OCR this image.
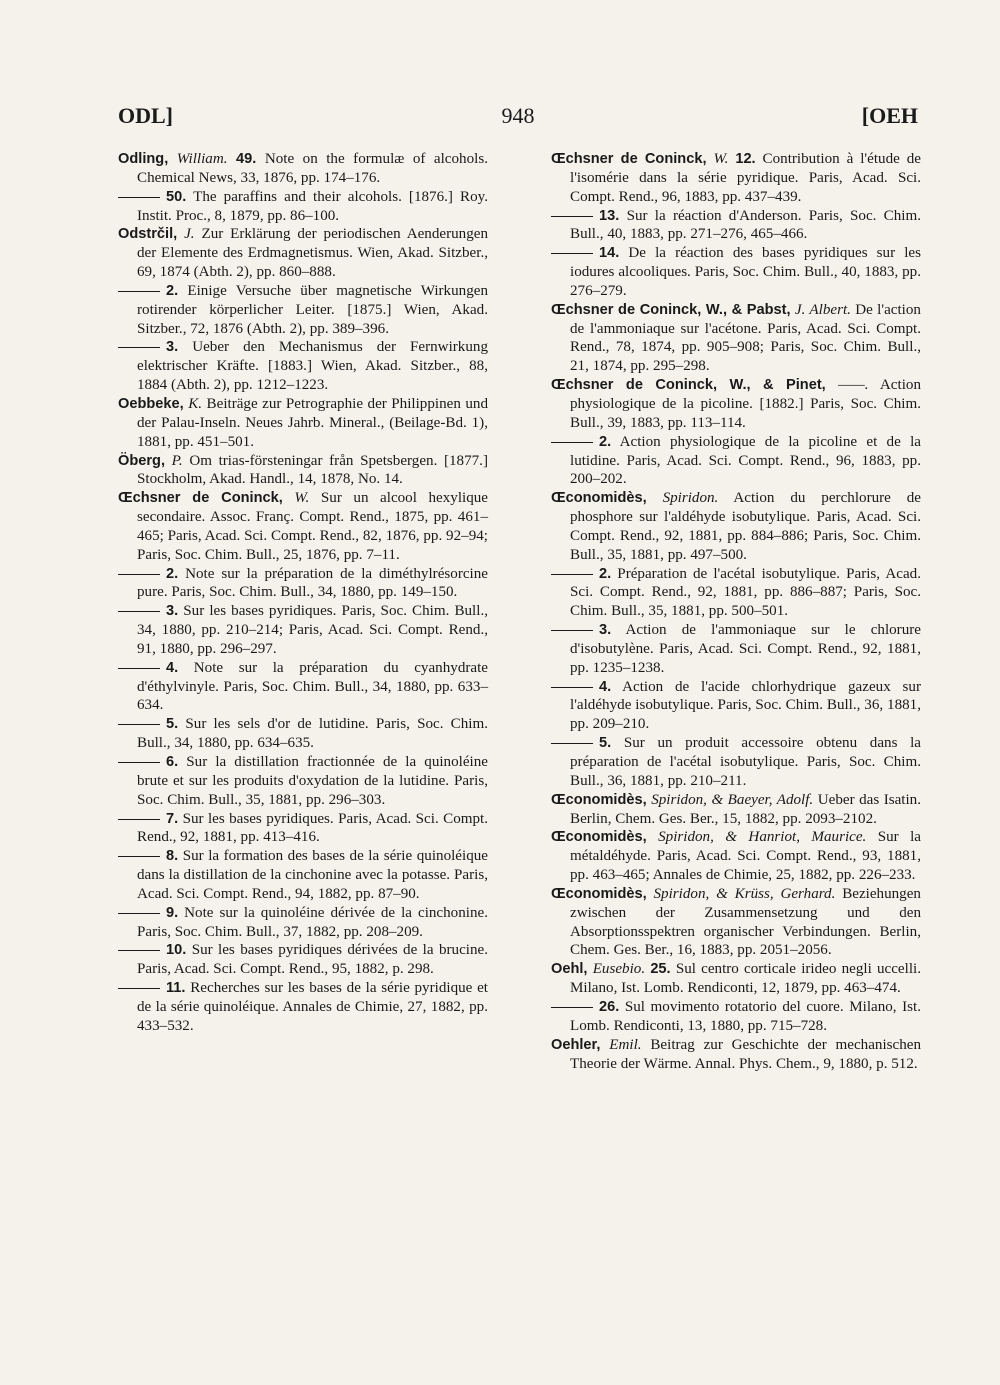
ODL]	948	[OEH
Odling, William. 49. Note on the formulæ of alcohols. Chemical News, 33, 1876, pp. 174–176.
50. The paraffins and their alcohols. [1876.] Roy. Instit. Proc., 8, 1879, pp. 86–100.
Odstrčil, J. Zur Erklärung der periodischen Aenderungen der Elemente des Erdmagnetismus. Wien, Akad. Sitzber., 69, 1874 (Abth. 2), pp. 860–888.
2. Einige Versuche über magnetische Wirkungen rotirender körperlicher Leiter. [1875.] Wien, Akad. Sitzber., 72, 1876 (Abth. 2), pp. 389–396.
3. Ueber den Mechanismus der Fernwirkung elektrischer Kräfte. [1883.] Wien, Akad. Sitzber., 88, 1884 (Abth. 2), pp. 1212–1223.
Oebbeke, K. Beiträge zur Petrographie der Philippinen und der Palau-Inseln. Neues Jahrb. Mineral., (Beilage-Bd. 1), 1881, pp. 451–501.
Öberg, P. Om trias-försteningar från Spetsbergen. [1877.] Stockholm, Akad. Handl., 14, 1878, No. 14.
Œchsner de Coninck, W. Sur un alcool hexylique secondaire. Assoc. Franç. Compt. Rend., 1875, pp. 461–465; Paris, Acad. Sci. Compt. Rend., 82, 1876, pp. 92–94; Paris, Soc. Chim. Bull., 25, 1876, pp. 7–11.
2. Note sur la préparation de la diméthylrésorcine pure. Paris, Soc. Chim. Bull., 34, 1880, pp. 149–150.
3. Sur les bases pyridiques. Paris, Soc. Chim. Bull., 34, 1880, pp. 210–214; Paris, Acad. Sci. Compt. Rend., 91, 1880, pp. 296–297.
4. Note sur la préparation du cyanhydrate d'éthylvinyle. Paris, Soc. Chim. Bull., 34, 1880, pp. 633–634.
5. Sur les sels d'or de lutidine. Paris, Soc. Chim. Bull., 34, 1880, pp. 634–635.
6. Sur la distillation fractionnée de la quinoléine brute et sur les produits d'oxydation de la lutidine. Paris, Soc. Chim. Bull., 35, 1881, pp. 296–303.
7. Sur les bases pyridiques. Paris, Acad. Sci. Compt. Rend., 92, 1881, pp. 413–416.
8. Sur la formation des bases de la série quinoléique dans la distillation de la cinchonine avec la potasse. Paris, Acad. Sci. Compt. Rend., 94, 1882, pp. 87–90.
9. Note sur la quinoléine dérivée de la cinchonine. Paris, Soc. Chim. Bull., 37, 1882, pp. 208–209.
10. Sur les bases pyridiques dérivées de la brucine. Paris, Acad. Sci. Compt. Rend., 95, 1882, p. 298.
11. Recherches sur les bases de la série pyridique et de la série quinoléique. Annales de Chimie, 27, 1882, pp. 433–532.
Œchsner de Coninck, W. 12. Contribution à l'étude de l'isomérie dans la série pyridique. Paris, Acad. Sci. Compt. Rend., 96, 1883, pp. 437–439.
13. Sur la réaction d'Anderson. Paris, Soc. Chim. Bull., 40, 1883, pp. 271–276, 465–466.
14. De la réaction des bases pyridiques sur les iodures alcooliques. Paris, Soc. Chim. Bull., 40, 1883, pp. 276–279.
Œchsner de Coninck, W., & Pabst, J. Albert. De l'action de l'ammoniaque sur l'acétone. Paris, Acad. Sci. Compt. Rend., 78, 1874, pp. 905–908; Paris, Soc. Chim. Bull., 21, 1874, pp. 295–298.
Œchsner de Coninck, W., & Pinet, ——. Action physiologique de la picoline. [1882.] Paris, Soc. Chim. Bull., 39, 1883, pp. 113–114.
2. Action physiologique de la picoline et de la lutidine. Paris, Acad. Sci. Compt. Rend., 96, 1883, pp. 200–202.
Œconomidès, Spiridon. Action du perchlorure de phosphore sur l'aldéhyde isobutylique. Paris, Acad. Sci. Compt. Rend., 92, 1881, pp. 884–886; Paris, Soc. Chim. Bull., 35, 1881, pp. 497–500.
2. Préparation de l'acétal isobutylique. Paris, Acad. Sci. Compt. Rend., 92, 1881, pp. 886–887; Paris, Soc. Chim. Bull., 35, 1881, pp. 500–501.
3. Action de l'ammoniaque sur le chlorure d'isobutylène. Paris, Acad. Sci. Compt. Rend., 92, 1881, pp. 1235–1238.
4. Action de l'acide chlorhydrique gazeux sur l'aldéhyde isobutylique. Paris, Soc. Chim. Bull., 36, 1881, pp. 209–210.
5. Sur un produit accessoire obtenu dans la préparation de l'acétal isobutylique. Paris, Soc. Chim. Bull., 36, 1881, pp. 210–211.
Œconomidès, Spiridon, & Baeyer, Adolf. Ueber das Isatin. Berlin, Chem. Ges. Ber., 15, 1882, pp. 2093–2102.
Œconomidès, Spiridon, & Hanriot, Maurice. Sur la métaldéhyde. Paris, Acad. Sci. Compt. Rend., 93, 1881, pp. 463–465; Annales de Chimie, 25, 1882, pp. 226–233.
Œconomidès, Spiridon, & Krüss, Gerhard. Beziehungen zwischen der Zusammensetzung und den Absorptionsspektren organischer Verbindungen. Berlin, Chem. Ges. Ber., 16, 1883, pp. 2051–2056.
Oehl, Eusebio. 25. Sul centro corticale irideo negli uccelli. Milano, Ist. Lomb. Rendiconti, 12, 1879, pp. 463–474.
26. Sul movimento rotatorio del cuore. Milano, Ist. Lomb. Rendiconti, 13, 1880, pp. 715–728.
Oehler, Emil. Beitrag zur Geschichte der mechanischen Theorie der Wärme. Annal. Phys. Chem., 9, 1880, p. 512.
